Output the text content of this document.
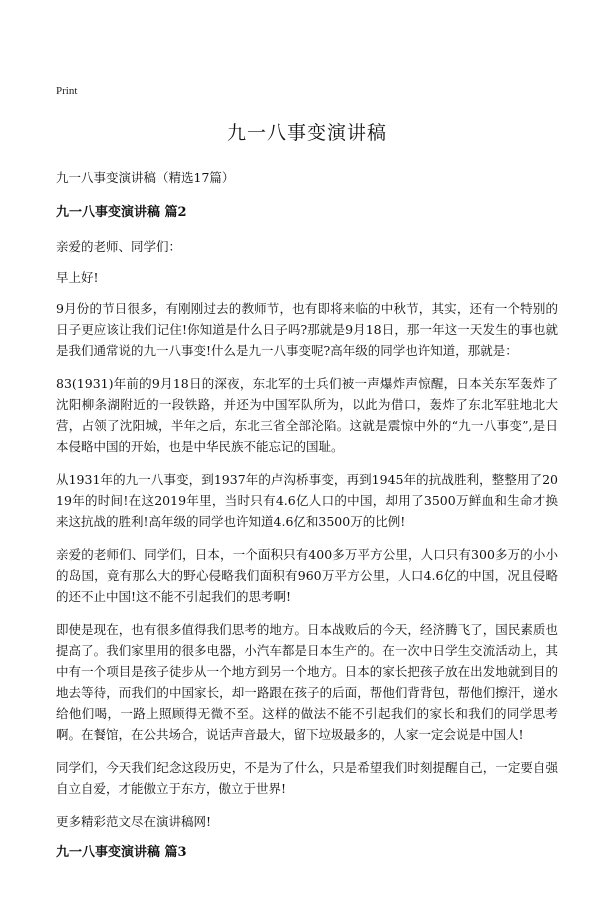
Print
九一八事变演讲稿
九一八事变演讲稿（精选17篇）
九一八事变演讲稿 篇2

亲爱的老师、同学们：

早上好!

9月份的节日很多，有刚刚过去的教师节，也有即将来临的中秋节，其实，还有一个特别的日子更应该让我们记住!你知道是什么日子吗?那就是9月18日，那一年这一天发生的事也就是我们通常说的九一八事变!什么是九一八事变呢?高年级的同学也许知道，那就是：

83(1931)年前的9月18日的深夜，东北军的士兵们被一声爆炸声惊醒，日本关东军轰炸了沈阳柳条湖附近的一段铁路，并还为中国军队所为，以此为借口，轰炸了东北军驻地北大营，占领了沈阳城，半年之后，东北三省全部沦陷。这就是震惊中外的“九一八事变”,是日本侵略中国的开始，也是中华民族不能忘记的国耻。

从1931年的九一八事变，到1937年的卢沟桥事变，再到1945年的抗战胜利，整整用了2019年的时间!在这2019年里，当时只有4.6亿人口的中国，却用了3500万鲜血和生命才换来这抗战的胜利!高年级的同学也许知道4.6亿和3500万的比例!

亲爱的老师们、同学们，日本，一个面积只有400多万平方公里，人口只有300多万的小小的岛国，竟有那么大的野心侵略我们面积有960万平方公里，人口4.6亿的中国，况且侵略的还不止中国!这不能不引起我们的思考啊!

即使是现在，也有很多值得我们思考的地方。日本战败后的今天，经济腾飞了，国民素质也提高了。我们家里用的很多电器，小汽车都是日本生产的。在一次中日学生交流活动上，其中有一个项目是孩子徒步从一个地方到另一个地方。日本的家长把孩子放在出发地就到目的地去等待，而我们的中国家长，却一路跟在孩子的后面，帮他们背背包，帮他们擦汗，递水给他们喝，一路上照顾得无微不至。这样的做法不能不引起我们的家长和我们的同学思考啊。在餐馆，在公共场合，说话声音最大，留下垃圾最多的，人家一定会说是中国人!

同学们，今天我们纪念这段历史，不是为了什么，只是希望我们时刻提醒自己，一定要自强自立自爱，才能傲立于东方，傲立于世界!

更多精彩范文尽在演讲稿网!

九一八事变演讲稿 篇3
